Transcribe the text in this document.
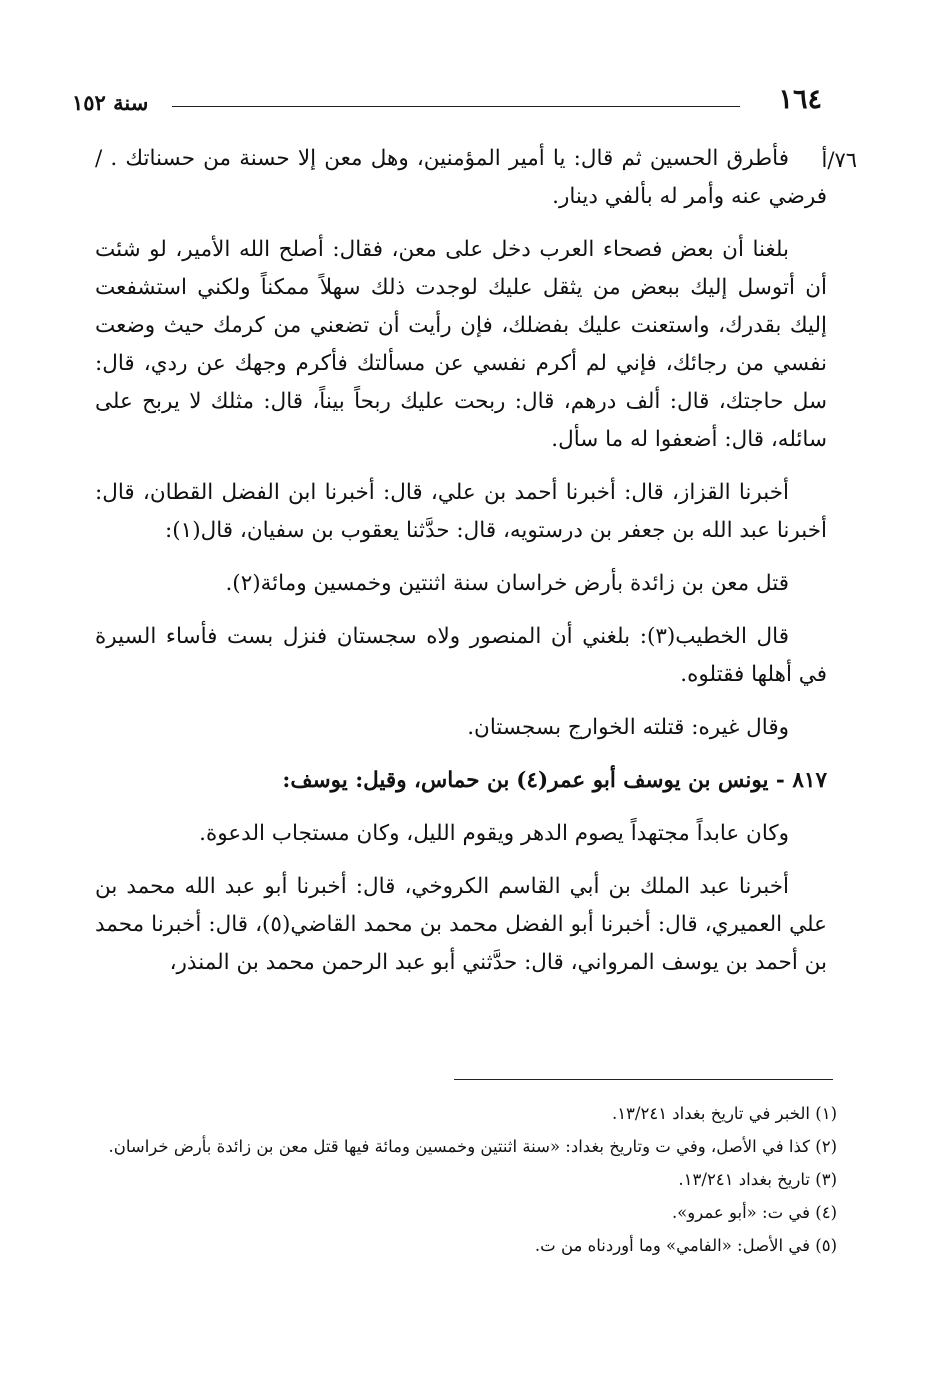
سنة ١٥٢	١٦٤
٧٦/أ

فأطرق الحسين ثم قال: يا أمير المؤمنين، وهل معن إلا حسنة من حسناتك . / فرضي عنه وأمر له بألفي دينار.

بلغنا أن بعض فصحاء العرب دخل على معن، فقال: أصلح الله الأمير، لو شئت أن أتوسل إليك ببعض من يثقل عليك لوجدت ذلك سهلاً ممكناً ولكني استشفعت إليك بقدرك، واستعنت عليك بفضلك، فإن رأيت أن تضعني من كرمك حيث وضعت نفسي من رجائك، فإني لم أكرم نفسي عن مسألتك فأكرم وجهك عن ردي، قال: سل حاجتك، قال: ألف درهم، قال: ربحت عليك ربحاً بيناً، قال: مثلك لا يربح على سائله، قال: أضعفوا له ما سأل.

أخبرنا القزاز، قال: أخبرنا أحمد بن علي، قال: أخبرنا ابن الفضل القطان، قال: أخبرنا عبد الله بن جعفر بن درستويه، قال: حدَّثنا يعقوب بن سفيان، قال(١):

قتل معن بن زائدة بأرض خراسان سنة اثنتين وخمسين ومائة(٢).

قال الخطيب(٣): بلغني أن المنصور ولاه سجستان فنزل بست فأساء السيرة في أهلها فقتلوه.

وقال غيره: قتلته الخوارج بسجستان.

٨١٧ - يونس بن يوسف أبو عمر(٤) بن حماس، وقيل: يوسف:

وكان عابداً مجتهداً يصوم الدهر ويقوم الليل، وكان مستجاب الدعوة.

أخبرنا عبد الملك بن أبي القاسم الكروخي، قال: أخبرنا أبو عبد الله محمد بن علي العميري، قال: أخبرنا أبو الفضل محمد بن محمد القاضي(٥)، قال: أخبرنا محمد بن أحمد بن يوسف المرواني، قال: حدَّثني أبو عبد الرحمن محمد بن المنذر،

(١) الخبر في تاريخ بغداد ١٣/٢٤١.

(٢) كذا في الأصل، وفي ت وتاريخ بغداد: «سنة اثنتين وخمسين ومائة فيها قتل معن بن زائدة بأرض خراسان.

(٣) تاريخ بغداد ١٣/٢٤١.

(٤) في ت: «أبو عمرو».

(٥) في الأصل: «الفامي» وما أوردناه من ت.
